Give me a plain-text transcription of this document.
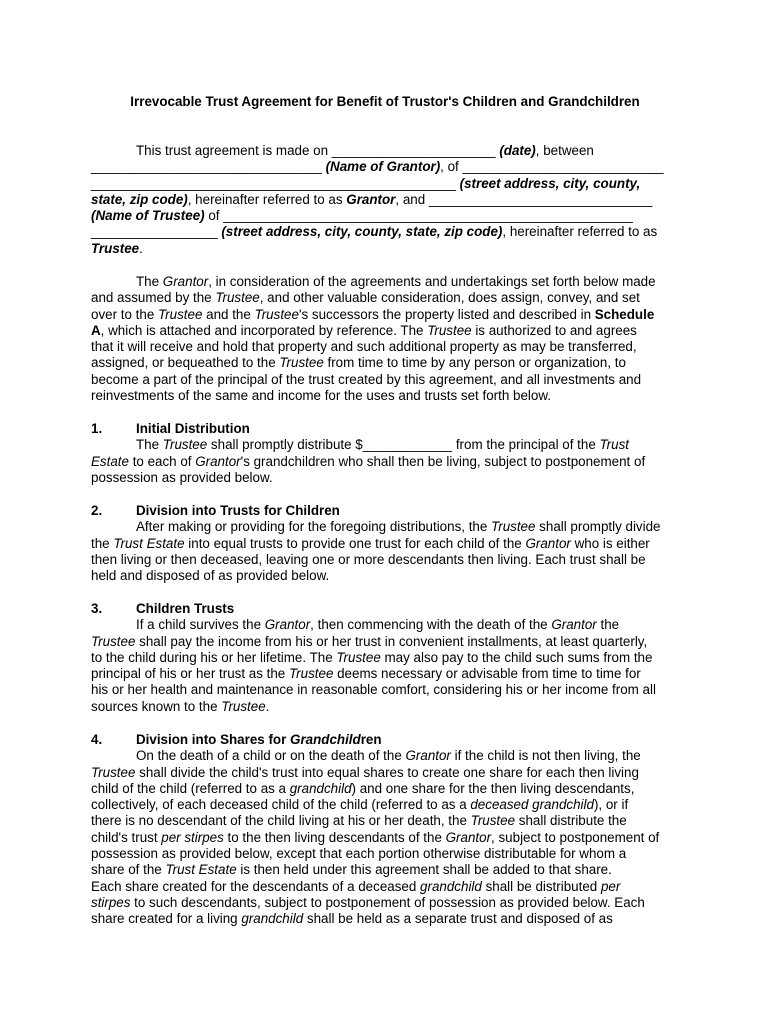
Irrevocable Trust Agreement for Benefit of Trustor's Children and Grandchildren
This trust agreement is made on ______________________ (date), between
_______________________________ (Name of Grantor), of ___________________________
_________________________________________________ (street address, city, county,
state, zip code), hereinafter referred to as Grantor, and ______________________________
(Name of Trustee) of _______________________________________________________
_________________ (street address, city, county, state, zip code), hereinafter referred to as
Trustee.
The Grantor, in consideration of the agreements and undertakings set forth below made
and assumed by the Trustee, and other valuable consideration, does assign, convey, and set
over to the Trustee and the Trustee's successors the property listed and described in Schedule
A, which is attached and incorporated by reference. The Trustee is authorized to and agrees
that it will receive and hold that property and such additional property as may be transferred,
assigned, or bequeathed to the Trustee from time to time by any person or organization, to
become a part of the principal of the trust created by this agreement, and all investments and
reinvestments of the same and income for the uses and trusts set forth below.
1.	Initial Distribution
The Trustee shall promptly distribute $____________ from the principal of the Trust
Estate to each of Grantor's grandchildren who shall then be living, subject to postponement of
possession as provided below.
2.	Division into Trusts for Children
After making or providing for the foregoing distributions, the Trustee shall promptly divide
the Trust Estate into equal trusts to provide one trust for each child of the Grantor who is either
then living or then deceased, leaving one or more descendants then living. Each trust shall be
held and disposed of as provided below.
3.	Children Trusts
If a child survives the Grantor, then commencing with the death of the Grantor the
Trustee shall pay the income from his or her trust in convenient installments, at least quarterly,
to the child during his or her lifetime. The Trustee may also pay to the child such sums from the
principal of his or her trust as the Trustee deems necessary or advisable from time to time for
his or her health and maintenance in reasonable comfort, considering his or her income from all
sources known to the Trustee.
4.	Division into Shares for Grandchildren
On the death of a child or on the death of the Grantor if the child is not then living, the
Trustee shall divide the child's trust into equal shares to create one share for each then living
child of the child (referred to as a grandchild) and one share for the then living descendants,
collectively, of each deceased child of the child (referred to as a deceased grandchild), or if
there is no descendant of the child living at his or her death, the Trustee shall distribute the
child's trust per stirpes to the then living descendants of the Grantor, subject to postponement of
possession as provided below, except that each portion otherwise distributable for whom a
share of the Trust Estate is then held under this agreement shall be added to that share.
Each share created for the descendants of a deceased grandchild shall be distributed per
stirpes to such descendants, subject to postponement of possession as provided below. Each
share created for a living grandchild shall be held as a separate trust and disposed of as
